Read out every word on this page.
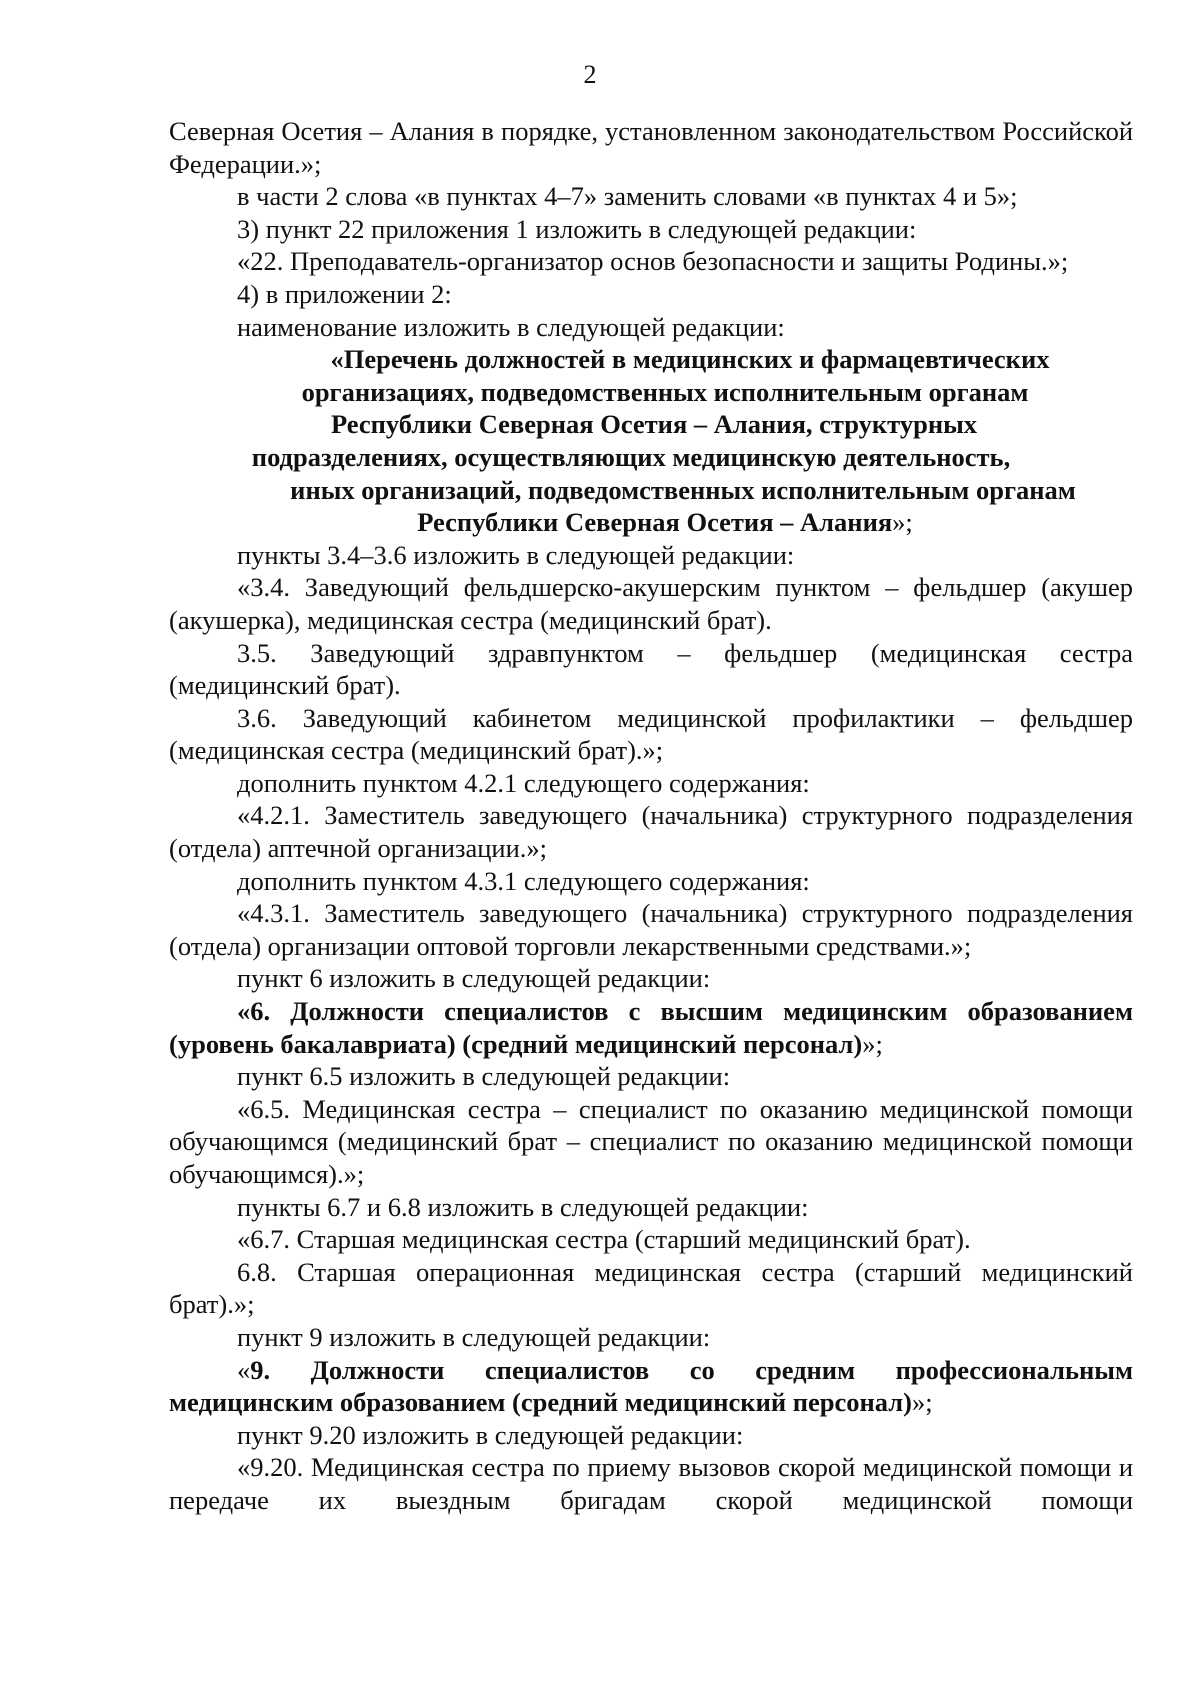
2

Северная Осетия – Алания в порядке, установленном законодательством Российской Федерации.»;

в части 2 слова «в пунктах 4–7» заменить словами «в пунктах 4 и 5»;

3) пункт 22 приложения 1 изложить в следующей редакции:

«22. Преподаватель-организатор основ безопасности и защиты Родины.»;

4) в приложении 2:

наименование изложить в следующей редакции:

«Перечень должностей в медицинских и фармацевтических
организациях, подведомственных исполнительным органам
Республики Северная Осетия – Алания, структурных
подразделениях, осуществляющих медицинскую деятельность,
иных организаций, подведомственных исполнительным органам
Республики Северная Осетия – Алания»;

пункты 3.4–3.6 изложить в следующей редакции:

«3.4. Заведующий фельдшерско-акушерским пунктом – фельдшер (акушер (акушерка), медицинская сестра (медицинский брат).

3.5. Заведующий здравпунктом – фельдшер (медицинская сестра (медицинский брат).

3.6. Заведующий кабинетом медицинской профилактики – фельдшер (медицинская сестра (медицинский брат).»;

дополнить пунктом 4.2.1 следующего содержания:

«4.2.1. Заместитель заведующего (начальника) структурного подразделения (отдела) аптечной организации.»;

дополнить пунктом 4.3.1 следующего содержания:

«4.3.1. Заместитель заведующего (начальника) структурного подразделения (отдела) организации оптовой торговли лекарственными средствами.»;

пункт 6 изложить в следующей редакции:

«6. Должности специалистов с высшим медицинским образованием (уровень бакалавриата) (средний медицинский персонал)»;

пункт 6.5 изложить в следующей редакции:

«6.5. Медицинская сестра – специалист по оказанию медицинской помощи обучающимся (медицинский брат – специалист по оказанию медицинской помощи обучающимся).»;

пункты 6.7 и 6.8 изложить в следующей редакции:

«6.7. Старшая медицинская сестра (старший медицинский брат).

6.8. Старшая операционная медицинская сестра (старший медицинский брат).»;

пункт 9 изложить в следующей редакции:

«9. Должности специалистов со средним профессиональным медицинским образованием (средний медицинский персонал)»;

пункт 9.20 изложить в следующей редакции:

«9.20. Медицинская сестра по приему вызовов скорой медицинской помощи и передаче их выездным бригадам скорой медицинской помощи
